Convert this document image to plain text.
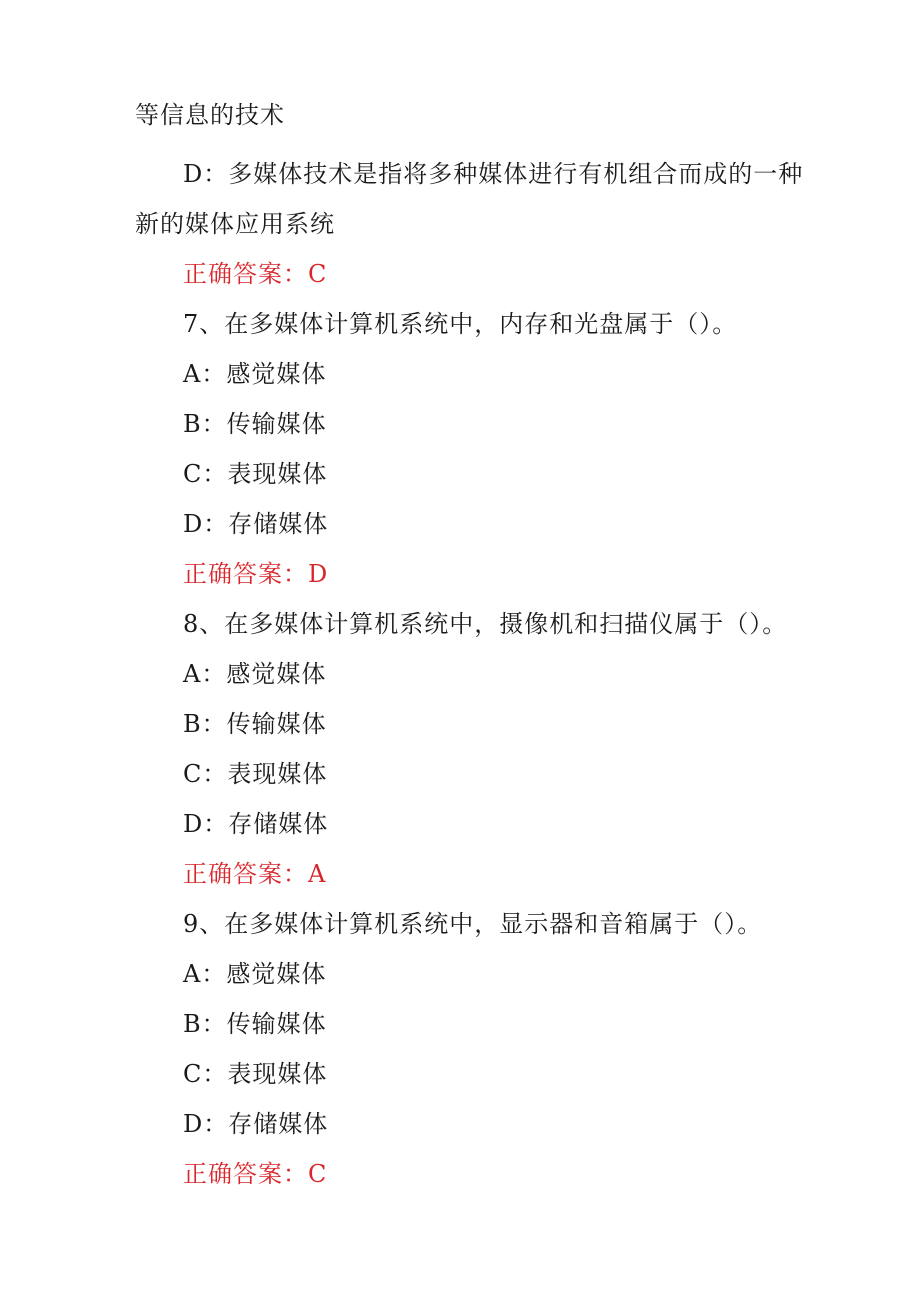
等信息的技术
D：多媒体技术是指将多种媒体进行有机组合而成的一种
新的媒体应用系统
正确答案：C
7、在多媒体计算机系统中，内存和光盘属于（）。
A：感觉媒体
B：传输媒体
C：表现媒体
D：存储媒体
正确答案：D
8、在多媒体计算机系统中，摄像机和扫描仪属于（）。
A：感觉媒体
B：传输媒体
C：表现媒体
D：存储媒体
正确答案：A
9、在多媒体计算机系统中，显示器和音箱属于（）。
A：感觉媒体
B：传输媒体
C：表现媒体
D：存储媒体
正确答案：C
